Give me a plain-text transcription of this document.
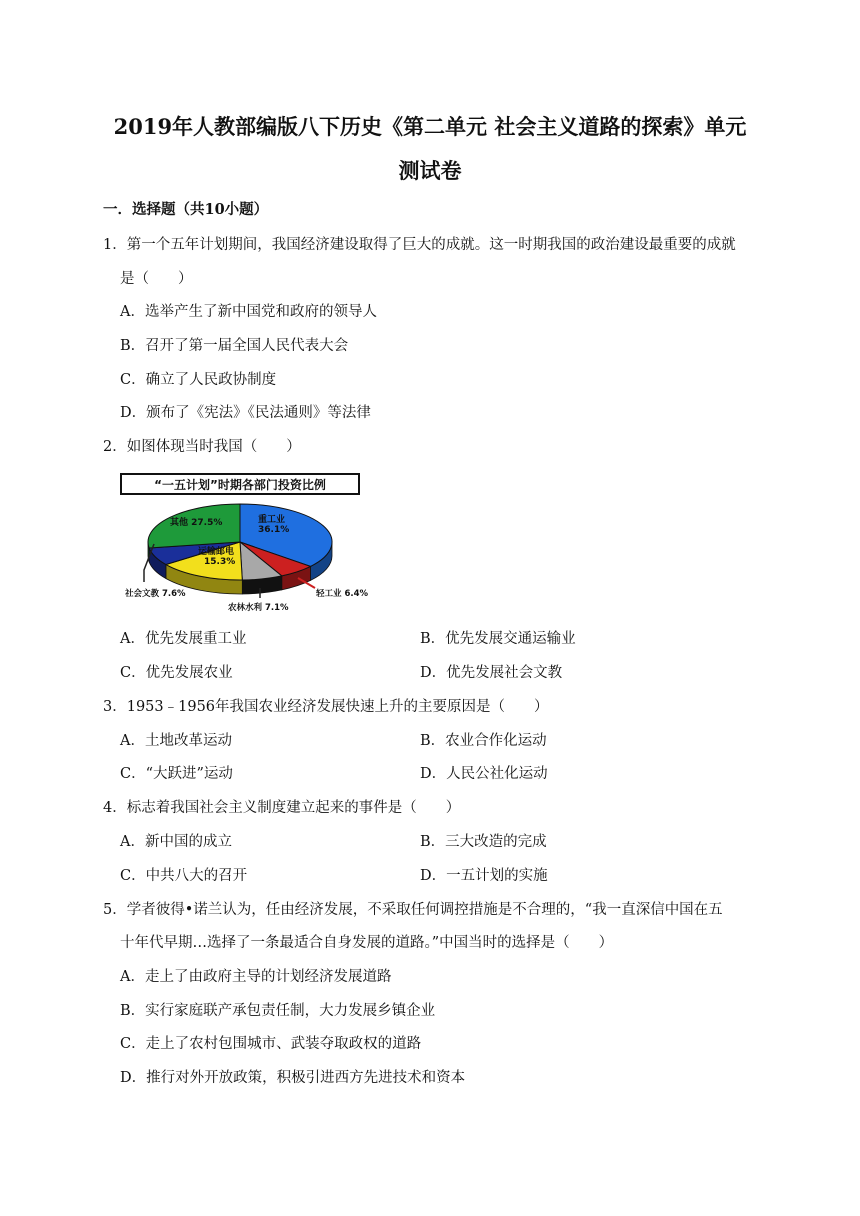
2019年人教部编版八下历史《第二单元 社会主义道路的探索》单元
测试卷
一．选择题（共10小题）
1．第一个五年计划期间，我国经济建设取得了巨大的成就。这一时期我国的政治建设最重要的成就
是（　　）
A．选举产生了新中国党和政府的领导人
B．召开了第一届全国人民代表大会
C．确立了人民政协制度
D．颁布了《宪法》《民法通则》等法律
2．如图体现当时我国（　　）
“一五计划”时期各部门投资比例
重工业
36.1%
其他 27.5%
运输邮电
15.3%
轻工业 6.4%
农林水利 7.1%
社会文教 7.6%
A．优先发展重工业	B．优先发展交通运输业
C．优先发展农业	D．优先发展社会文教
3．1953﹣1956年我国农业经济发展快速上升的主要原因是（　　）
A．土地改革运动	B．农业合作化运动
C．“大跃进”运动	D．人民公社化运动
4．标志着我国社会主义制度建立起来的事件是（　　）
A．新中国的成立	B．三大改造的完成
C．中共八大的召开	D．一五计划的实施
5．学者彼得•诺兰认为，任由经济发展，不采取任何调控措施是不合理的，“我一直深信中国在五
十年代早期…选择了一条最适合自身发展的道路。”中国当时的选择是（　　）
A．走上了由政府主导的计划经济发展道路
B．实行家庭联产承包责任制，大力发展乡镇企业
C．走上了农村包围城市、武装夺取政权的道路
D．推行对外开放政策，积极引进西方先进技术和资本
